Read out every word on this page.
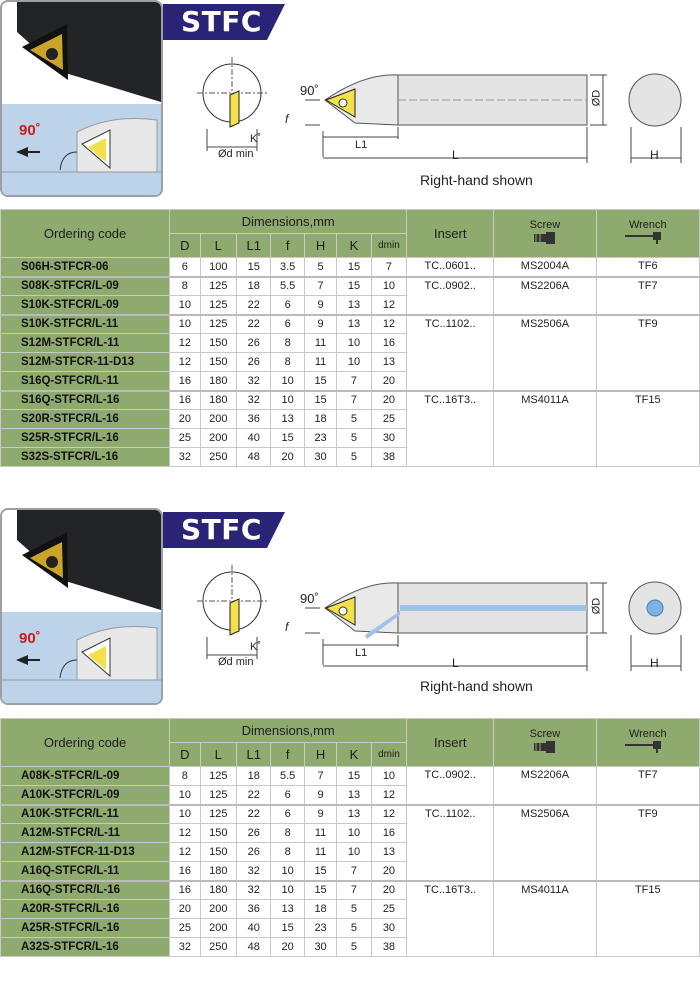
90˚
STFC
90˚
f
K˚
Ød min
L1
L
ØD
H
Right-hand shown
Ordering code	Dimensions,mm							Insert	Screw	Wrench

	D	L	L1	f	H	K	dmin			
S06H-STFCR-06	6	100	15	3.5	5	15	7	TC..0601..	MS2004A	TF6
S08K-STFCR/L-09	8	125	18	5.5	7	15	10	TC..0902..	MS2206A	TF7
S10K-STFCR/L-09	10	125	22	6	9	13	12			
S10K-STFCR/L-11	10	125	22	6	9	13	12	TC..1102..	MS2506A	TF9
S12M-STFCR/L-11	12	150	26	8	11	10	16			
S12M-STFCR-11-D13	12	150	26	8	11	10	13			
S16Q-STFCR/L-11	16	180	32	10	15	7	20			
S16Q-STFCR/L-16	16	180	32	10	15	7	20	TC..16T3..	MS4011A	TF15
S20R-STFCR/L-16	20	200	36	13	18	5	25			
S25R-STFCR/L-16	25	200	40	15	23	5	30			
S32S-STFCR/L-16	32	250	48	20	30	5	38			
90˚
STFC
90˚
f
K˚
Ød min
L1
L
ØD
H
Right-hand shown
Ordering code	Dimensions,mm							Insert	Screw	Wrench

	D	L	L1	f	H	K	dmin			
A08K-STFCR/L-09	8	125	18	5.5	7	15	10	TC..0902..	MS2206A	TF7
A10K-STFCR/L-09	10	125	22	6	9	13	12			
A10K-STFCR/L-11	10	125	22	6	9	13	12	TC..1102..	MS2506A	TF9
A12M-STFCR/L-11	12	150	26	8	11	10	16			
A12M-STFCR-11-D13	12	150	26	8	11	10	13			
A16Q-STFCR/L-11	16	180	32	10	15	7	20			
A16Q-STFCR/L-16	16	180	32	10	15	7	20	TC..16T3..	MS4011A	TF15
A20R-STFCR/L-16	20	200	36	13	18	5	25			
A25R-STFCR/L-16	25	200	40	15	23	5	30			
A32S-STFCR/L-16	32	250	48	20	30	5	38			
